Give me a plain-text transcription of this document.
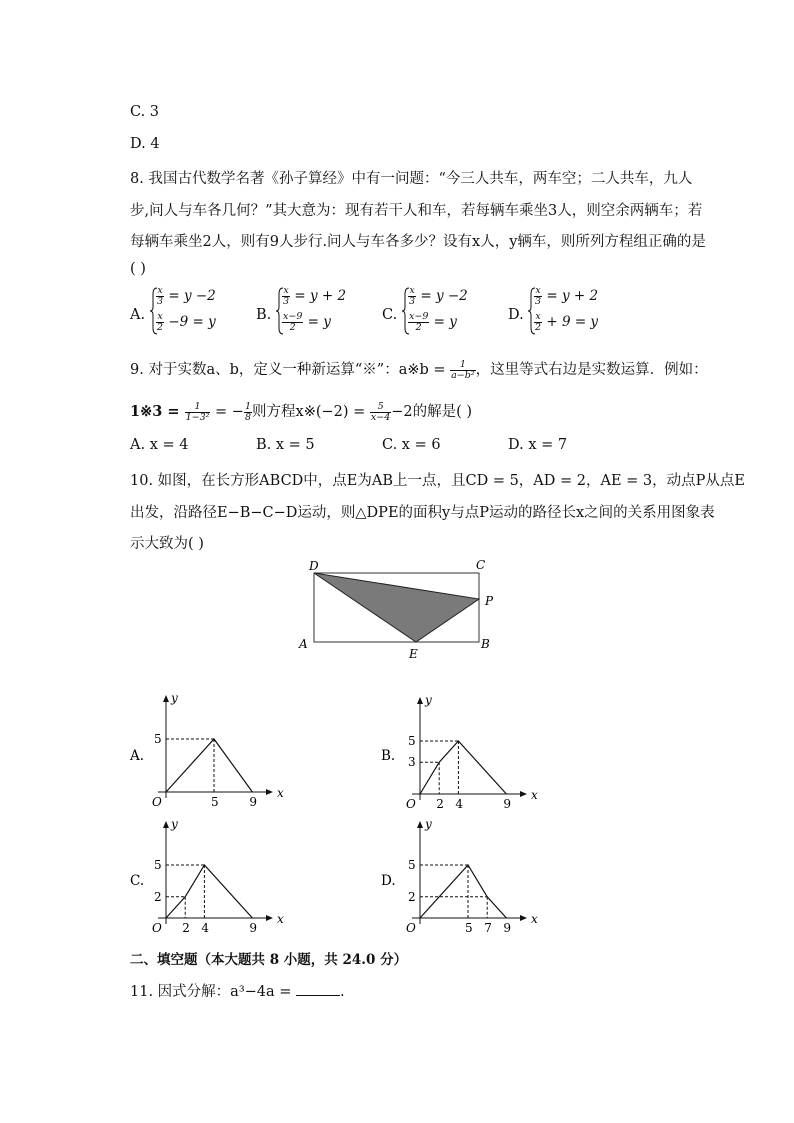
C. 3
D. 4
8. 我国古代数学名著《孙子算经》中有一问题：“今三人共车，两车空；二人共车，九人
步,问人与车各几何？”其大意为：现有若干人和车，若每辆车乘坐3人，则空余两辆车；若
每辆车乘坐2人，则有9人步行.问人与车各多少？设有x人，y辆车，则所列方程组正确的是
( )
A.
$\frac{x}{3} = y -2$
$\frac{x}{2} -9 = y$	B.
$\frac{x}{3} = y + 2$
$\frac{x-9}{2} = y$	C.
$\frac{x}{3} = y -2$
$\frac{x-9}{2} = y$	D.
$\frac{x}{3} = y + 2$
$\frac{x}{2} + 9 = y$
9. 对于实数a、b，定义一种新运算“※”：a※b = $\frac{1}{\text{a−b²}}$ ，这里等式右边是实数运算．例如：
1※3 = $\frac{1}{\text{1−3²}}$ = − $\frac{1}{8}$ 则方程x※(−2) = $\frac{5}{x-4} -2$的解是( )
A. x = 4	B. x = 5	C. x = 6	D. x = 7
10. 如图，在长方形ABCD中，点E为AB上一点，且CD = 5，AD = 2，AE = 3，动点P从点E
出发，沿路径E−B−C−D运动，则△DPE的面积y与点P运动的路径长x之间的关系用图象表
示大致为( )
D	C
P
A
E
B
A.
x
y
O
5
5	9
B.
x
y
O
5
3
2 4	9
C.
x
y
O
5
2
2 4	9
D.
x
y
O
5
2
5 7 9
二、填空题（本大题共 8 小题，共 24.0 分）
11. 因式分解：a³−4a =	.
